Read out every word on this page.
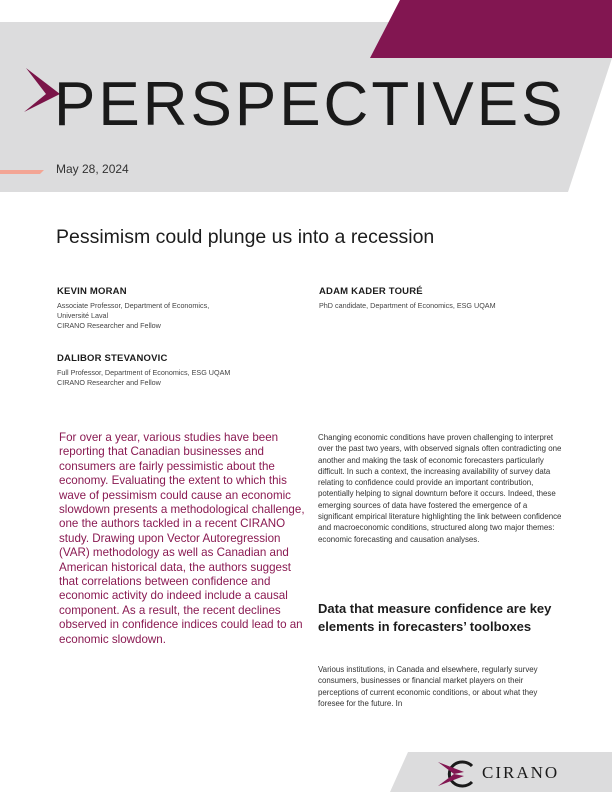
PERSPECTIVES
May 28, 2024
Pessimism could plunge us into a recession
KEVIN MORAN
Associate Professor, Department of Economics,
Université Laval
CIRANO Researcher and Fellow
ADAM KADER TOURÉ
PhD candidate, Department of Economics, ESG UQAM
DALIBOR STEVANOVIC
Full Professor, Department of Economics, ESG UQAM
CIRANO Researcher and Fellow

For over a year, various studies have been reporting that Canadian businesses and consumers are fairly pessimistic about the economy. Evaluating the extent to which this wave of pessimism could cause an economic slowdown presents a methodological challenge, one the authors tackled in a recent CIRANO study. Drawing upon Vector Autoregression (VAR) methodology as well as Canadian and American historical data, the authors suggest that correlations between confidence and economic activity do indeed include a causal component. As a result, the recent declines observed in confidence indices could lead to an economic slowdown.

Changing economic conditions have proven challenging to interpret over the past two years, with observed signals often contradicting one another and making the task of economic forecasters particularly difficult. In such a context, the increasing availability of survey data relating to confidence could provide an important contribution, potentially helping to signal downturn before it occurs. Indeed, these emerging sources of data have fostered the emergence of a significant empirical literature highlighting the link between confidence and macroeconomic conditions, structured along two major themes: economic forecasting and causation analyses.

Data that measure confidence are key elements in forecasters’ toolboxes

Various institutions, in Canada and elsewhere, regularly survey consumers, businesses or financial market players on their perceptions of current economic conditions, or about what they foresee for the future. In

CIRANO
